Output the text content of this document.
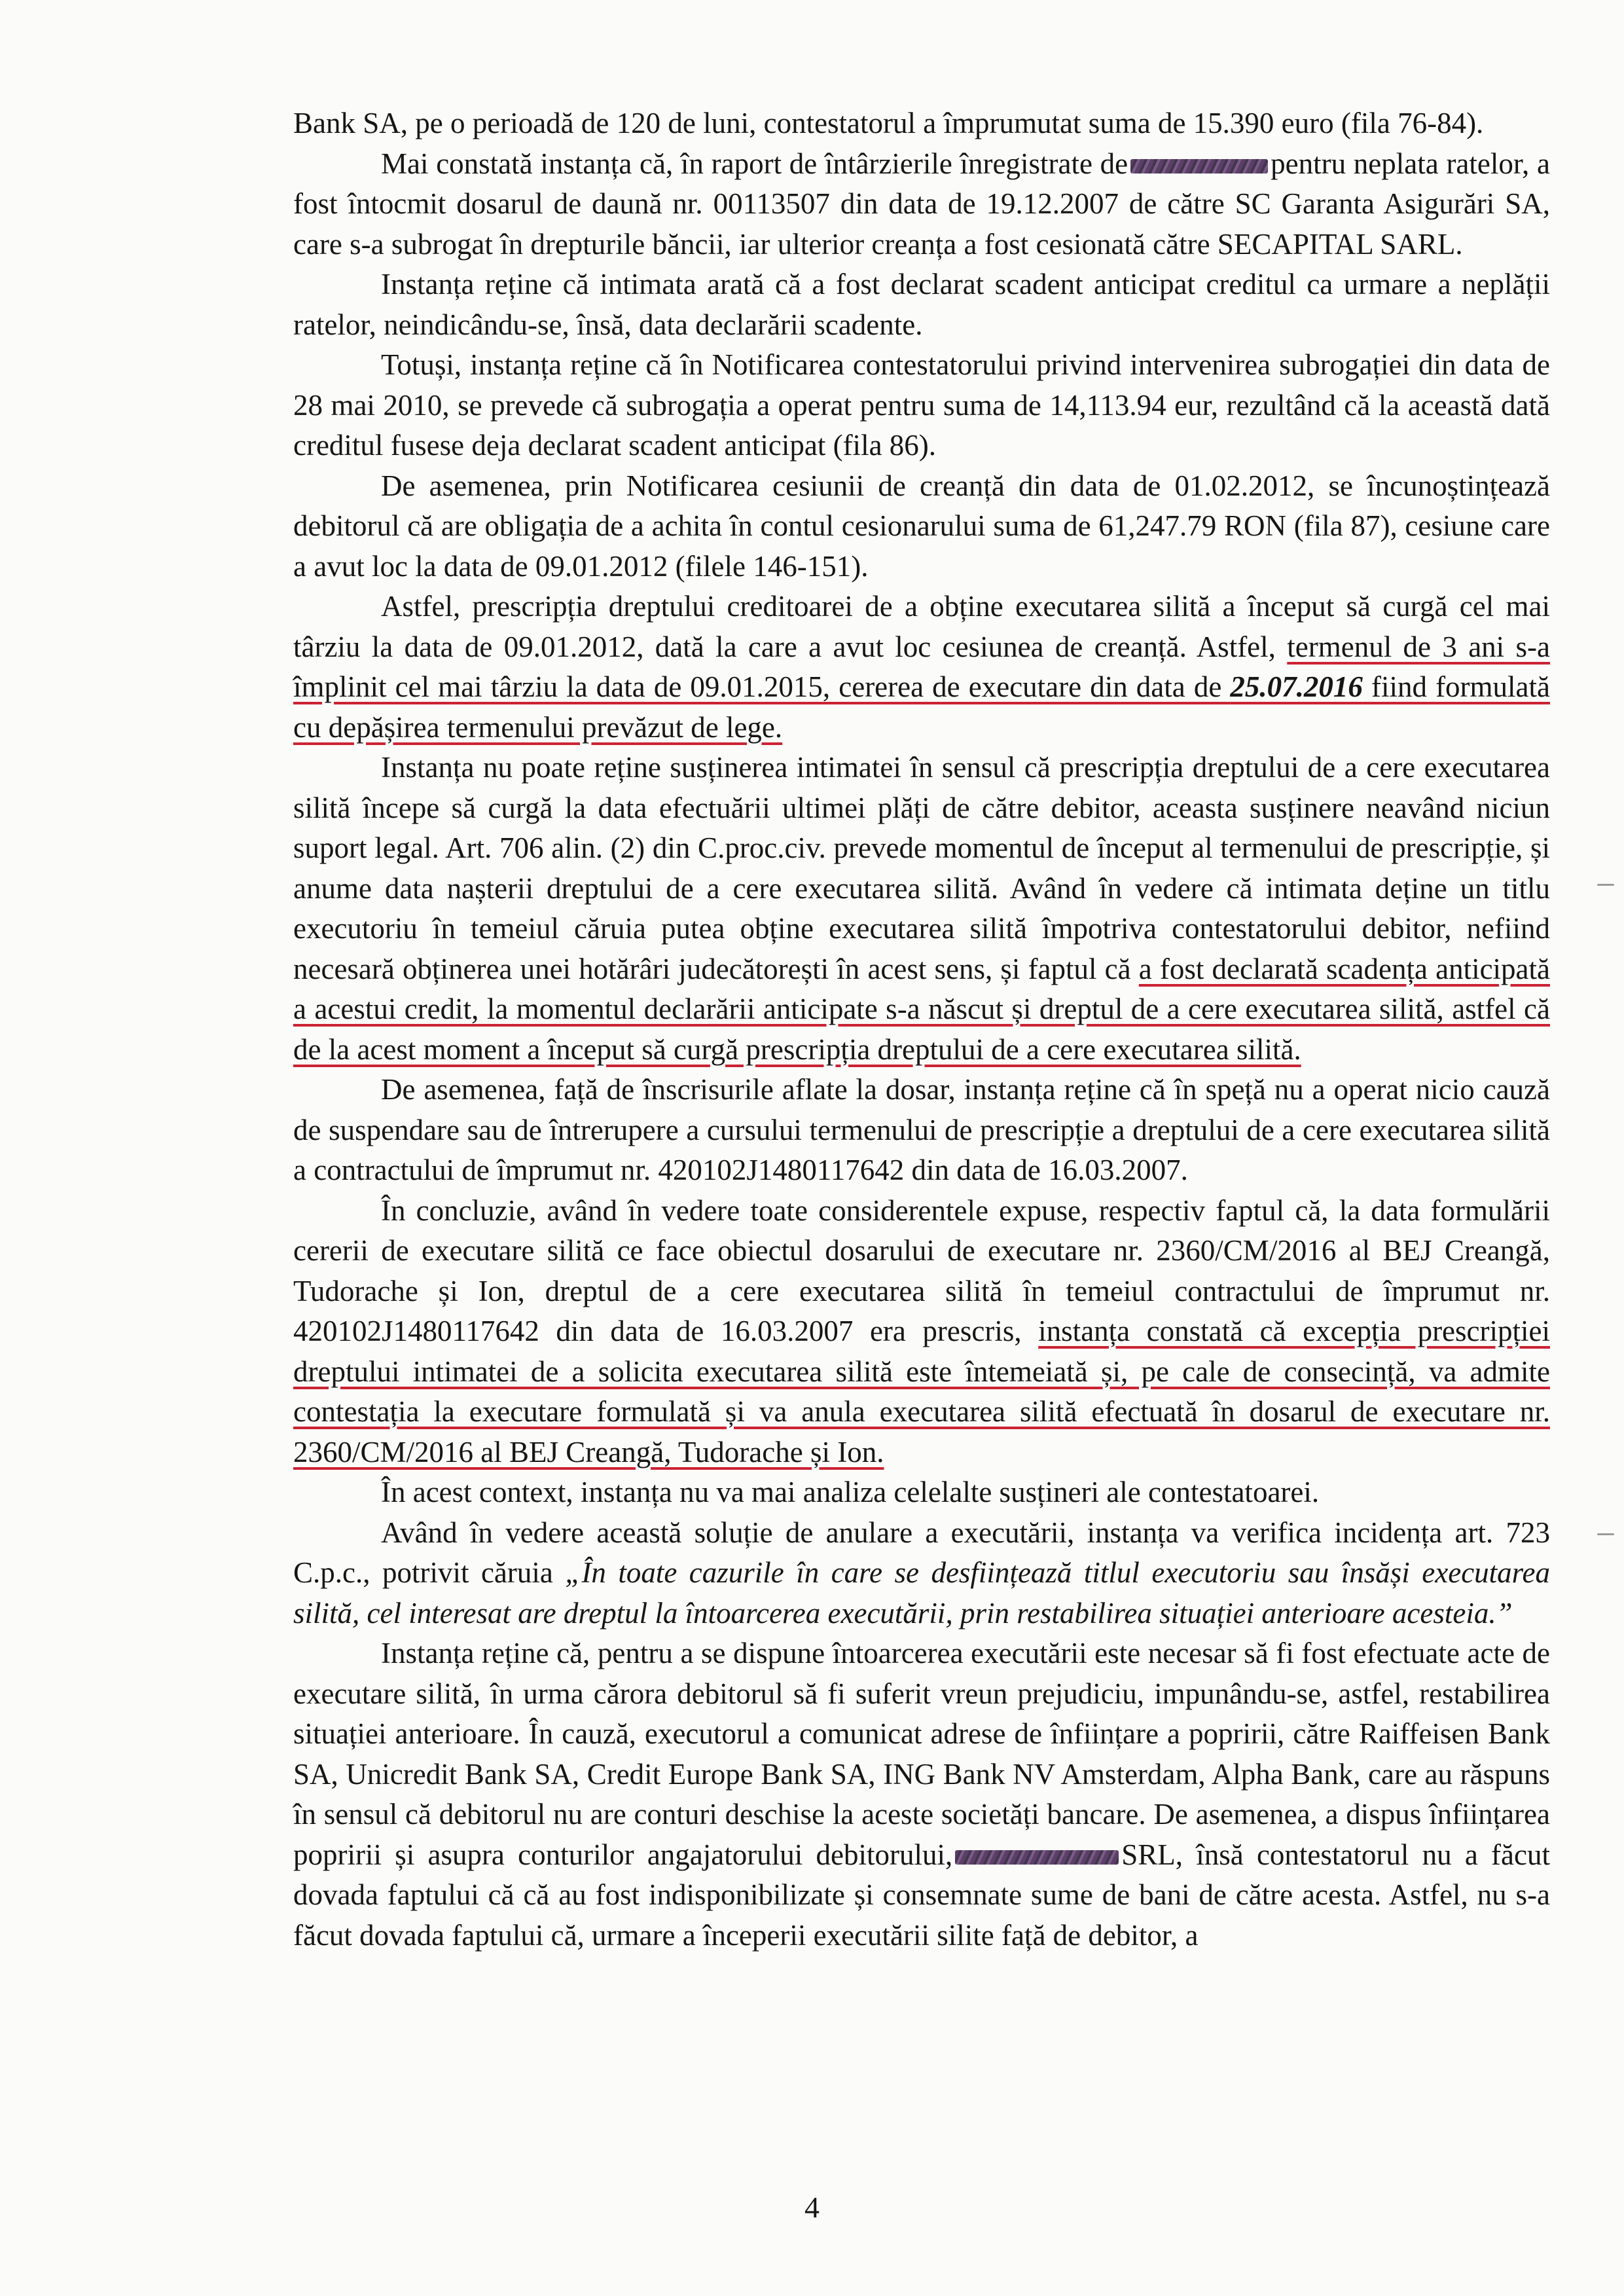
Bank SA, pe o perioadă de 120 de luni, contestatorul a împrumutat suma de 15.390 euro (fila 76-84).

Mai constată instanța că, în raport de întârzierile înregistrate de	pentru neplata ratelor, a fost întocmit dosarul de daună nr. 00113507 din data de 19.12.2007 de către SC Garanta Asigurări SA, care s-a subrogat în drepturile băncii, iar ulterior creanța a fost cesionată către SECAPITAL SARL.

Instanța reține că intimata arată că a fost declarat scadent anticipat creditul ca urmare a neplății ratelor, neindicându-se, însă, data declarării scadente.

Totuși, instanța reține că în Notificarea contestatorului privind intervenirea subrogației din data de 28 mai 2010, se prevede că subrogația a operat pentru suma de 14,113.94 eur, rezultând că la această dată creditul fusese deja declarat scadent anticipat (fila 86).

De asemenea, prin Notificarea cesiunii de creanță din data de 01.02.2012, se încunoștințează debitorul că are obligația de a achita în contul cesionarului suma de 61,247.79 RON (fila 87), cesiune care a avut loc la data de 09.01.2012 (filele 146-151).

Astfel, prescripția dreptului creditoarei de a obține executarea silită a început să curgă cel mai târziu la data de 09.01.2012, dată la care a avut loc cesiunea de creanță. Astfel, termenul de 3 ani s-a împlinit cel mai târziu la data de 09.01.2015, cererea de executare din data de 25.07.2016 fiind formulată cu depășirea termenului prevăzut de lege.

Instanța nu poate reține susținerea intimatei în sensul că prescripția dreptului de a cere executarea silită începe să curgă la data efectuării ultimei plăți de către debitor, aceasta susținere neavând niciun suport legal. Art. 706 alin. (2) din C.proc.civ. prevede momentul de început al termenului de prescripție, și anume data nașterii dreptului de a cere executarea silită. Având în vedere că intimata deține un titlu executoriu în temeiul căruia putea obține executarea silită împotriva contestatorului debitor, nefiind necesară obținerea unei hotărâri judecătorești în acest sens, și faptul că a fost declarată scadența anticipată a acestui credit, la momentul declarării anticipate s-a născut și dreptul de a cere executarea silită, astfel că de la acest moment a început să curgă prescripția dreptului de a cere executarea silită.

De asemenea, față de înscrisurile aflate la dosar, instanța reține că în speță nu a operat nicio cauză de suspendare sau de întrerupere a cursului termenului de prescripție a dreptului de a cere executarea silită a contractului de împrumut nr. 420102J1480117642 din data de 16.03.2007.

În concluzie, având în vedere toate considerentele expuse, respectiv faptul că, la data formulării cererii de executare silită ce face obiectul dosarului de executare nr. 2360/CM/2016 al BEJ Creangă, Tudorache și Ion, dreptul de a cere executarea silită în temeiul contractului de împrumut nr. 420102J1480117642 din data de 16.03.2007 era prescris, instanța constată că excepția prescripției dreptului intimatei de a solicita executarea silită este întemeiată și, pe cale de consecință, va admite contestația la executare formulată și va anula executarea silită efectuată în dosarul de executare nr. 2360/CM/2016 al BEJ Creangă, Tudorache și Ion.

În acest context, instanța nu va mai analiza celelalte susțineri ale contestatoarei.

Având în vedere această soluție de anulare a executării, instanța va verifica incidența art. 723 C.p.c., potrivit căruia „În toate cazurile în care se desființează titlul executoriu sau însăși executarea silită, cel interesat are dreptul la întoarcerea executării, prin restabilirea situației anterioare acesteia.”

Instanța reține că, pentru a se dispune întoarcerea executării este necesar să fi fost efectuate acte de executare silită, în urma cărora debitorul să fi suferit vreun prejudiciu, impunându-se, astfel, restabilirea situației anterioare. În cauză, executorul a comunicat adrese de înființare a popririi, către Raiffeisen Bank SA, Unicredit Bank SA, Credit Europe Bank SA, ING Bank NV Amsterdam, Alpha Bank, care au răspuns în sensul că debitorul nu are conturi deschise la aceste societăți bancare. De asemenea, a dispus înființarea popririi și asupra conturilor angajatorului debitorului,	SRL, însă contestatorul nu a făcut dovada faptului că că au fost indisponibilizate și consemnate sume de bani de către acesta. Astfel, nu s-a făcut dovada faptului că, urmare a începerii executării silite față de debitor, a

4
